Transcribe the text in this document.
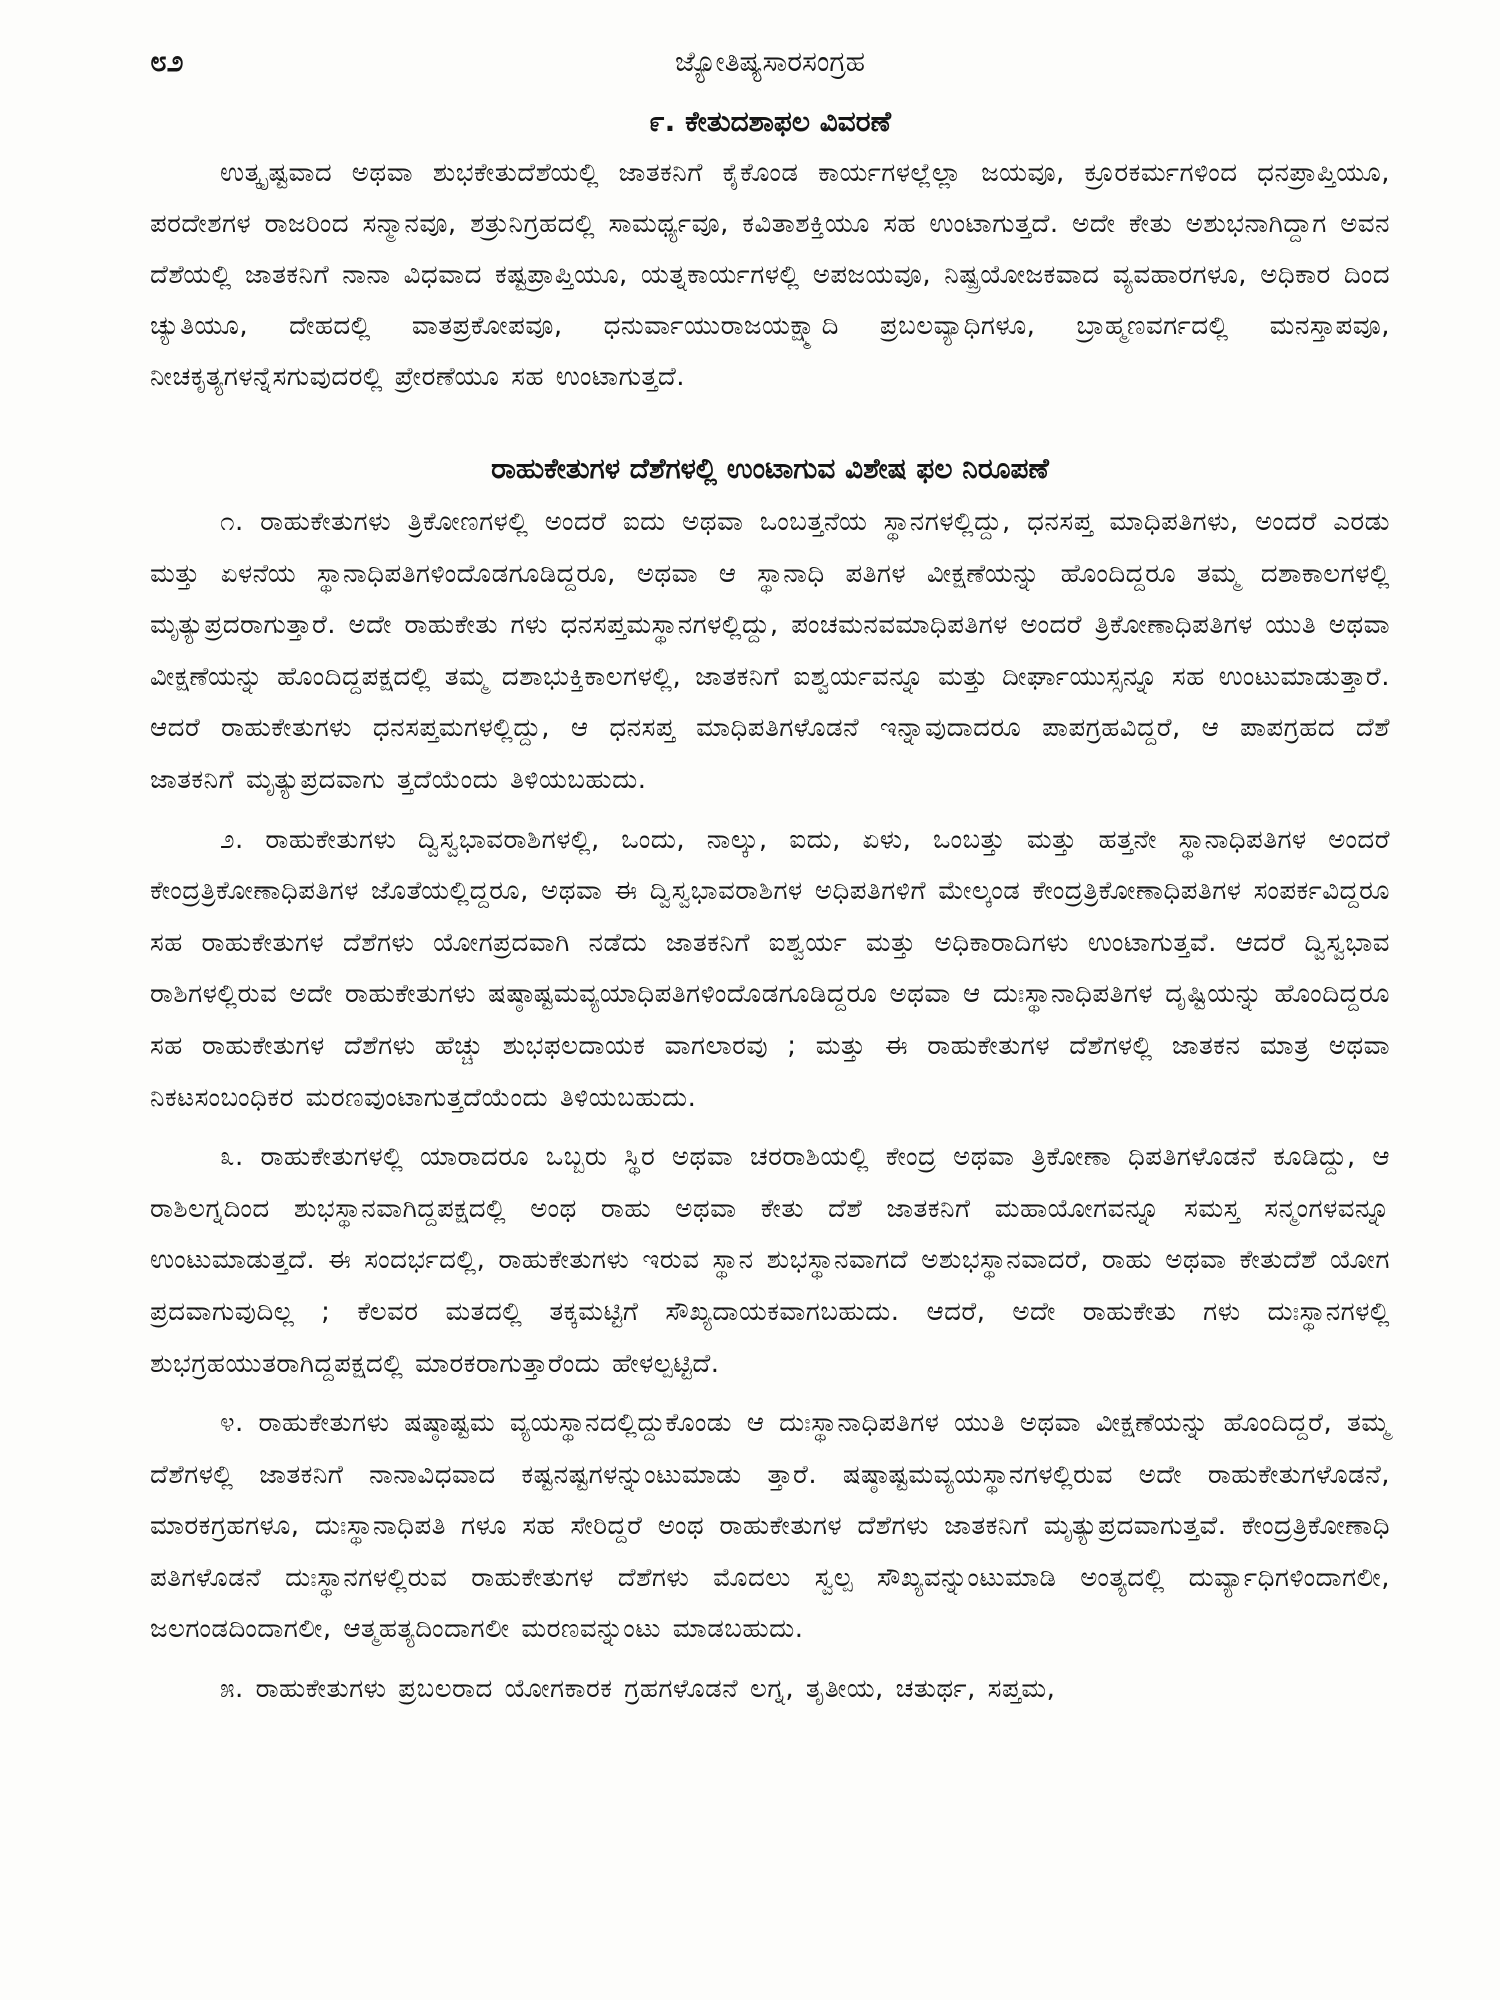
೮೨	ಜ್ಯೋತಿಷ್ಯಸಾರಸಂಗ್ರಹ
೯. ಕೇತುದಶಾಫಲ ವಿವರಣೆ

ಉತ್ಕೃಷ್ಟವಾದ ಅಥವಾ ಶುಭಕೇತುದೆಶೆಯಲ್ಲಿ ಜಾತಕನಿಗೆ ಕೈಕೊಂಡ ಕಾರ್ಯಗಳಲ್ಲೆಲ್ಲಾ ಜಯವೂ, ಕ್ರೂರಕರ್ಮಗಳಿಂದ ಧನಪ್ರಾಪ್ತಿಯೂ, ಪರದೇಶಗಳ ರಾಜರಿಂದ ಸನ್ಮಾನವೂ, ಶತ್ರುನಿಗ್ರಹದಲ್ಲಿ ಸಾಮರ್ಥ್ಯವೂ, ಕವಿತಾಶಕ್ತಿಯೂ ಸಹ ಉಂಟಾಗುತ್ತದೆ. ಅದೇ ಕೇತು ಅಶುಭನಾಗಿದ್ದಾಗ ಅವನ ದೆಶೆಯಲ್ಲಿ ಜಾತಕನಿಗೆ ನಾನಾ ವಿಧವಾದ ಕಷ್ಟಪ್ರಾಪ್ತಿಯೂ, ಯತ್ನಕಾರ್ಯಗಳಲ್ಲಿ ಅಪಜಯವೂ, ನಿಷ್ಪ್ರಯೋಜಕವಾದ ವ್ಯವಹಾರಗಳೂ, ಅಧಿಕಾರ ದಿಂದ ಚ್ಯುತಿಯೂ, ದೇಹದಲ್ಲಿ ವಾತಪ್ರಕೋಪವೂ, ಧನುರ್ವಾಯುರಾಜಯಕ್ಷ್ಮಾದಿ ಪ್ರಬಲವ್ಯಾಧಿಗಳೂ, ಬ್ರಾಹ್ಮಣವರ್ಗದಲ್ಲಿ ಮನಸ್ತಾಪವೂ, ನೀಚಕೃತ್ಯಗಳನ್ನೆಸಗುವುದರಲ್ಲಿ ಪ್ರೇರಣೆಯೂ ಸಹ ಉಂಟಾಗುತ್ತದೆ.

ರಾಹುಕೇತುಗಳ ದೆಶೆಗಳಲ್ಲಿ ಉಂಟಾಗುವ ವಿಶೇಷ ಫಲ ನಿರೂಪಣೆ

೧. ರಾಹುಕೇತುಗಳು ತ್ರಿಕೋಣಗಳಲ್ಲಿ ಅಂದರೆ ಐದು ಅಥವಾ ಒಂಬತ್ತನೆಯ ಸ್ಥಾನಗಳಲ್ಲಿದ್ದು, ಧನಸಪ್ತ ಮಾಧಿಪತಿಗಳು, ಅಂದರೆ ಎರಡು ಮತ್ತು ಏಳನೆಯ ಸ್ಥಾನಾಧಿಪತಿಗಳಿಂದೊಡಗೂಡಿದ್ದರೂ, ಅಥವಾ ಆ ಸ್ಥಾನಾಧಿ ಪತಿಗಳ ವೀಕ್ಷಣೆಯನ್ನು ಹೊಂದಿದ್ದರೂ ತಮ್ಮ ದಶಾಕಾಲಗಳಲ್ಲಿ ಮೃತ್ಯುಪ್ರದರಾಗುತ್ತಾರೆ. ಅದೇ ರಾಹುಕೇತು ಗಳು ಧನಸಪ್ತಮಸ್ಥಾನಗಳಲ್ಲಿದ್ದು, ಪಂಚಮನವಮಾಧಿಪತಿಗಳ ಅಂದರೆ ತ್ರಿಕೋಣಾಧಿಪತಿಗಳ ಯುತಿ ಅಥವಾ ವೀಕ್ಷಣೆಯನ್ನು ಹೊಂದಿದ್ದಪಕ್ಷದಲ್ಲಿ ತಮ್ಮ ದಶಾಭುಕ್ತಿಕಾಲಗಳಲ್ಲಿ, ಜಾತಕನಿಗೆ ಐಶ್ವರ್ಯವನ್ನೂ ಮತ್ತು ದೀರ್ಘಾಯುಸ್ಸನ್ನೂ ಸಹ ಉಂಟುಮಾಡುತ್ತಾರೆ. ಆದರೆ ರಾಹುಕೇತುಗಳು ಧನಸಪ್ತಮಗಳಲ್ಲಿದ್ದು, ಆ ಧನಸಪ್ತ ಮಾಧಿಪತಿಗಳೊಡನೆ ಇನ್ನಾವುದಾದರೂ ಪಾಪಗ್ರಹವಿದ್ದರೆ, ಆ ಪಾಪಗ್ರಹದ ದೆಶೆ ಜಾತಕನಿಗೆ ಮೃತ್ಯುಪ್ರದವಾಗು ತ್ತದೆಯೆಂದು ತಿಳಿಯಬಹುದು.

೨. ರಾಹುಕೇತುಗಳು ದ್ವಿಸ್ವಭಾವರಾಶಿಗಳಲ್ಲಿ, ಒಂದು, ನಾಲ್ಕು, ಐದು, ಏಳು, ಒಂಬತ್ತು ಮತ್ತು ಹತ್ತನೇ ಸ್ಥಾನಾಧಿಪತಿಗಳ ಅಂದರೆ ಕೇಂದ್ರತ್ರಿಕೋಣಾಧಿಪತಿಗಳ ಜೊತೆಯಲ್ಲಿದ್ದರೂ, ಅಥವಾ ಈ ದ್ವಿಸ್ವಭಾವರಾಶಿಗಳ ಅಧಿಪತಿಗಳಿಗೆ ಮೇಲ್ಕಂಡ ಕೇಂದ್ರತ್ರಿಕೋಣಾಧಿಪತಿಗಳ ಸಂಪರ್ಕವಿದ್ದರೂ ಸಹ ರಾಹುಕೇತುಗಳ ದೆಶೆಗಳು ಯೋಗಪ್ರದವಾಗಿ ನಡೆದು ಜಾತಕನಿಗೆ ಐಶ್ವರ್ಯ ಮತ್ತು ಅಧಿಕಾರಾದಿಗಳು ಉಂಟಾಗುತ್ತವೆ. ಆದರೆ ದ್ವಿಸ್ವಭಾವ ರಾಶಿಗಳಲ್ಲಿರುವ ಅದೇ ರಾಹುಕೇತುಗಳು ಷಷ್ಠಾಷ್ಟಮವ್ಯಯಾಧಿಪತಿಗಳಿಂದೊಡಗೂಡಿದ್ದರೂ ಅಥವಾ ಆ ದುಃಸ್ಥಾನಾಧಿಪತಿಗಳ ದೃಷ್ಟಿಯನ್ನು ಹೊಂದಿದ್ದರೂ ಸಹ ರಾಹುಕೇತುಗಳ ದೆಶೆಗಳು ಹೆಚ್ಚು ಶುಭಫಲದಾಯಕ ವಾಗಲಾರವು ; ಮತ್ತು ಈ ರಾಹುಕೇತುಗಳ ದೆಶೆಗಳಲ್ಲಿ ಜಾತಕನ ಮಾತ್ರ ಅಥವಾ ನಿಕಟಸಂಬಂಧಿಕರ ಮರಣವುಂಟಾಗುತ್ತದೆಯೆಂದು ತಿಳಿಯಬಹುದು.

೩. ರಾಹುಕೇತುಗಳಲ್ಲಿ ಯಾರಾದರೂ ಒಬ್ಬರು ಸ್ಥಿರ ಅಥವಾ ಚರರಾಶಿಯಲ್ಲಿ ಕೇಂದ್ರ ಅಥವಾ ತ್ರಿಕೋಣಾ ಧಿಪತಿಗಳೊಡನೆ ಕೂಡಿದ್ದು, ಆ ರಾಶಿಲಗ್ನದಿಂದ ಶುಭಸ್ಥಾನವಾಗಿದ್ದಪಕ್ಷದಲ್ಲಿ ಅಂಥ ರಾಹು ಅಥವಾ ಕೇತು ದೆಶೆ ಜಾತಕನಿಗೆ ಮಹಾಯೋಗವನ್ನೂ ಸಮಸ್ತ ಸನ್ಮಂಗಳವನ್ನೂ ಉಂಟುಮಾಡುತ್ತದೆ. ಈ ಸಂದರ್ಭದಲ್ಲಿ, ರಾಹುಕೇತುಗಳು ಇರುವ ಸ್ಥಾನ ಶುಭಸ್ಥಾನವಾಗದೆ ಅಶುಭಸ್ಥಾನವಾದರೆ, ರಾಹು ಅಥವಾ ಕೇತುದೆಶೆ ಯೋಗ ಪ್ರದವಾಗುವುದಿಲ್ಲ ; ಕೆಲವರ ಮತದಲ್ಲಿ ತಕ್ಕಮಟ್ಟಿಗೆ ಸೌಖ್ಯದಾಯಕವಾಗಬಹುದು. ಆದರೆ, ಅದೇ ರಾಹುಕೇತು ಗಳು ದುಃಸ್ಥಾನಗಳಲ್ಲಿ ಶುಭಗ್ರಹಯುತರಾಗಿದ್ದಪಕ್ಷದಲ್ಲಿ ಮಾರಕರಾಗುತ್ತಾರೆಂದು ಹೇಳಲ್ಪಟ್ಟಿದೆ.

೪. ರಾಹುಕೇತುಗಳು ಷಷ್ಠಾಷ್ಟಮ ವ್ಯಯಸ್ಥಾನದಲ್ಲಿದ್ದುಕೊಂಡು ಆ ದುಃಸ್ಥಾನಾಧಿಪತಿಗಳ ಯುತಿ ಅಥವಾ ವೀಕ್ಷಣೆಯನ್ನು ಹೊಂದಿದ್ದರೆ, ತಮ್ಮ ದೆಶೆಗಳಲ್ಲಿ ಜಾತಕನಿಗೆ ನಾನಾವಿಧವಾದ ಕಷ್ಟನಷ್ಟಗಳನ್ನುಂಟುಮಾಡು ತ್ತಾರೆ. ಷಷ್ಠಾಷ್ಟಮವ್ಯಯಸ್ಥಾನಗಳಲ್ಲಿರುವ ಅದೇ ರಾಹುಕೇತುಗಳೊಡನೆ, ಮಾರಕಗ್ರಹಗಳೂ, ದುಃಸ್ಥಾನಾಧಿಪತಿ ಗಳೂ ಸಹ ಸೇರಿದ್ದರೆ ಅಂಥ ರಾಹುಕೇತುಗಳ ದೆಶೆಗಳು ಜಾತಕನಿಗೆ ಮೃತ್ಯುಪ್ರದವಾಗುತ್ತವೆ. ಕೇಂದ್ರತ್ರಿಕೋಣಾಧಿ ಪತಿಗಳೊಡನೆ ದುಃಸ್ಥಾನಗಳಲ್ಲಿರುವ ರಾಹುಕೇತುಗಳ ದೆಶೆಗಳು ಮೊದಲು ಸ್ವಲ್ಪ ಸೌಖ್ಯವನ್ನುಂಟುಮಾಡಿ ಅಂತ್ಯದಲ್ಲಿ ದುರ್ವ್ಯಾಧಿಗಳಿಂದಾಗಲೀ, ಜಲಗಂಡದಿಂದಾಗಲೀ, ಆತ್ಮಹತ್ಯದಿಂದಾಗಲೀ ಮರಣವನ್ನುಂಟು ಮಾಡಬಹುದು.

೫. ರಾಹುಕೇತುಗಳು ಪ್ರಬಲರಾದ ಯೋಗಕಾರಕ ಗ್ರಹಗಳೊಡನೆ ಲಗ್ನ, ತೃತೀಯ, ಚತುರ್ಥ, ಸಪ್ತಮ,
